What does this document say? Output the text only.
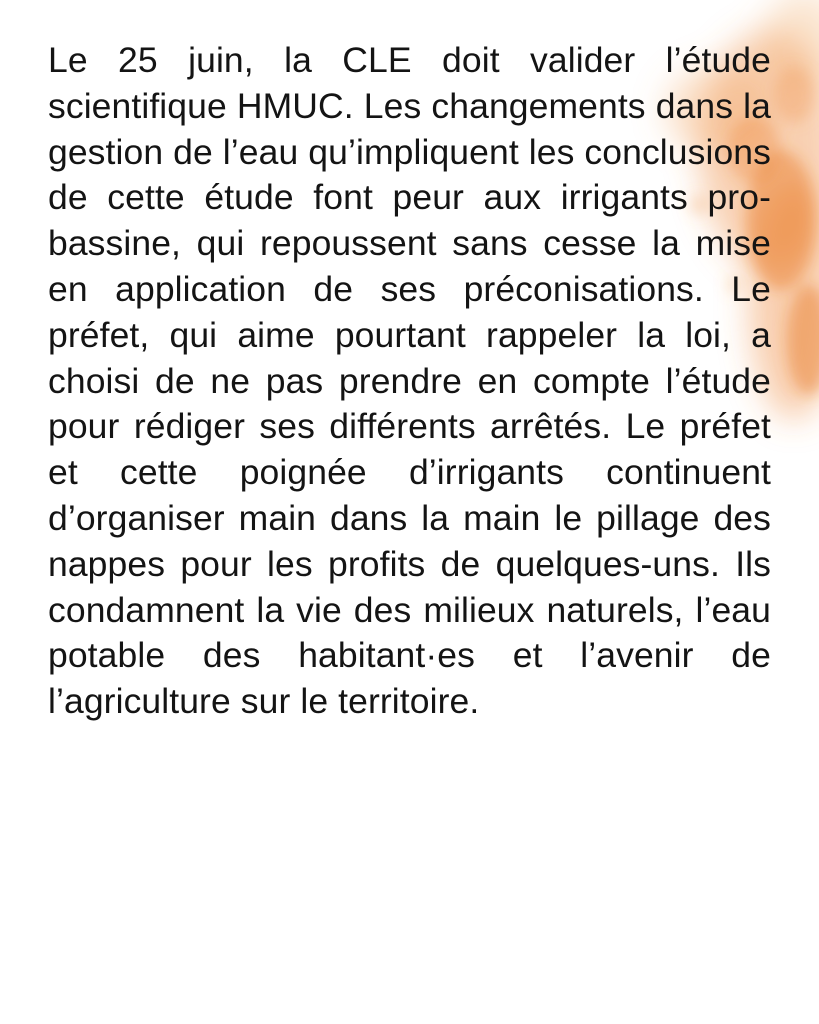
Le 25 juin, la CLE doit valider l’étude scientifique HMUC. Les changements dans la gestion de l’eau qu’impliquent les conclusions de cette étude font peur aux irrigants pro-bassine, qui repoussent sans cesse la mise en application de ses préconisations. Le préfet, qui aime pourtant rappeler la loi, a choisi de ne pas prendre en compte l’étude pour rédiger ses différents arrêtés. Le préfet et cette poignée d’irrigants continuent d’organiser main dans la main le pillage des nappes pour les profits de quelques-uns. Ils condamnent la vie des milieux naturels, l’eau potable des habitant·es et l’avenir de l’agriculture sur le territoire.
